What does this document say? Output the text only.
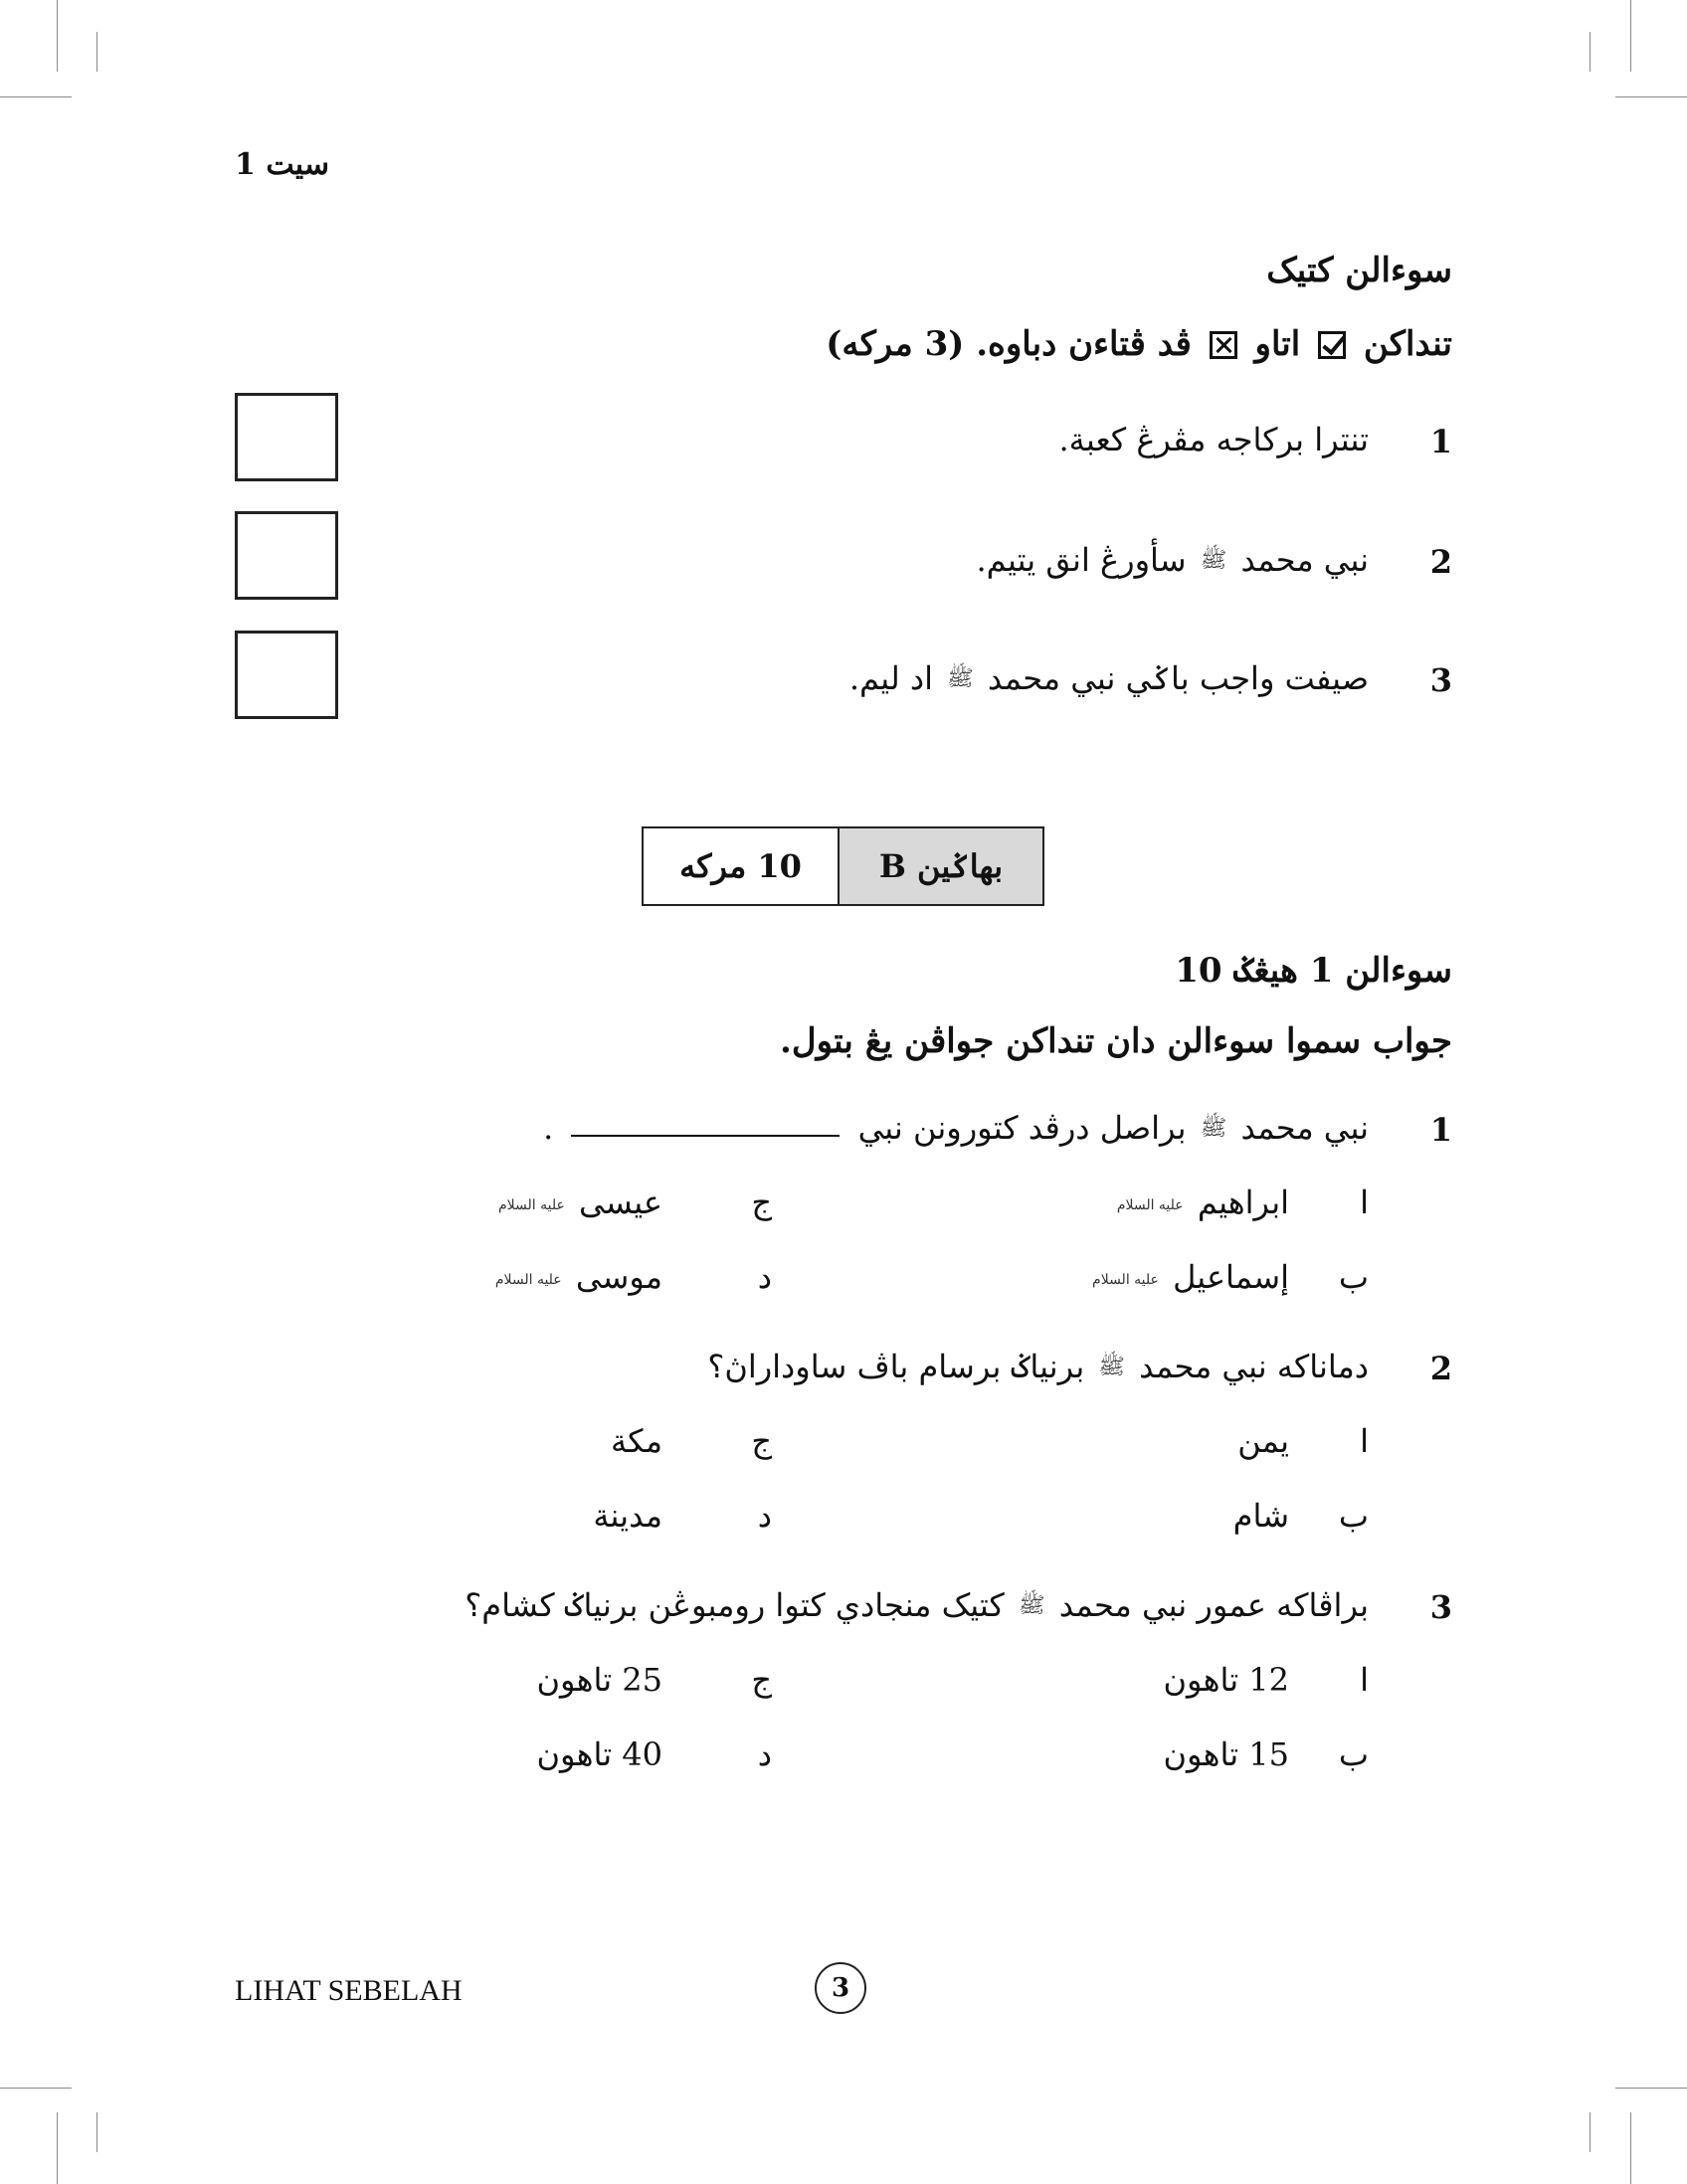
سيت 1
سوءالن كتيک
تنداكن  اتاو  ڤد ڤتاءن دباوه. (3 مركه)
1
تنترا بركاجه مڤرڠ كعبة.
2
نبي محمد ﷺ سأورڠ انق يتيم.
3
صيفت واجب باݢي نبي محمد ﷺ اد ليم.
10 مركه	بهاݢين B
سوءالن 1 هيڠݢ 10
جواب سموا سوءالن دان تنداكن جواڤن يڠ بتول.
1
نبي محمد ﷺ براصل درڤد كتورونن نبي  .
ا
ابراهيم عليه السلام
ب
إسماعيل عليه السلام
ج
عيسى عليه السلام
د
موسى عليه السلام
2
دماناكه نبي محمد ﷺ برنياݢ برسام باڤ ساوداراڽ؟
ا
يمن
ب
شام
ج
مكة
د
مدينة
3
براڤاكه عمور نبي محمد ﷺ كتيک منجادي كتوا رومبوڠن برنياݢ كشام؟
ا
12 تاهون
ب
15 تاهون
ج
25 تاهون
د
40 تاهون
LIHAT SEBELAH	3
